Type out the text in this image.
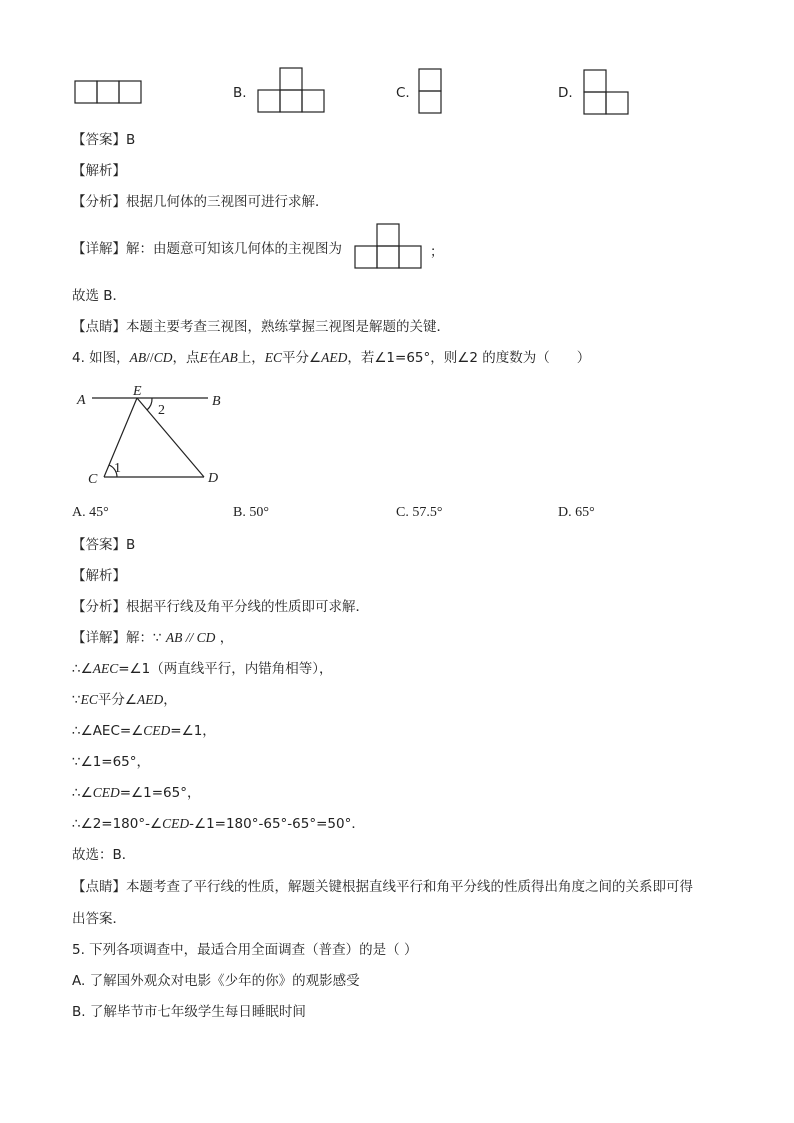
B.	C.	D.
【答案】B
【解析】
【分析】根据几何体的三视图可进行求解．
【详解】解：由题意可知该几何体的主视图为	；
故选 B．
【点睛】本题主要考查三视图，熟练掌握三视图是解题的关键．
4. 如图，AB//CD，点E在AB上，EC平分∠AED，若∠1=65°，则∠2 的度数为（　　）
A
E
B
2
C
1
D
A. 45°	B. 50°	C. 57.5°	D. 65°
【答案】B
【解析】
【分析】根据平行线及角平分线的性质即可求解．
【详解】解：∵ AB // CD ，
∴∠AEC=∠1（两直线平行，内错角相等），
∵EC平分∠AED，
∴∠AEC=∠CED=∠1，
∵∠1=65°，
∴∠CED=∠1=65°，
∴∠2=180°-∠CED-∠1=180°-65°-65°=50°．
故选：B．
【点睛】本题考查了平行线的性质，解题关键根据直线平行和角平分线的性质得出角度之间的关系即可得
出答案．
5. 下列各项调查中，最适合用全面调查（普查）的是（ ）
A. 了解国外观众对电影《少年的你》的观影感受
B. 了解毕节市七年级学生每日睡眠时间
